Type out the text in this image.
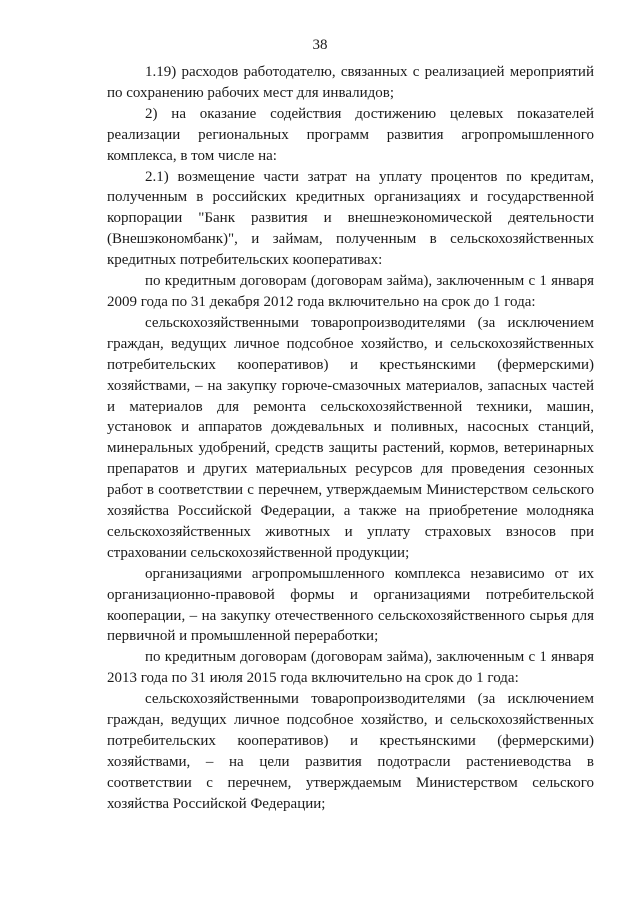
38

1.19) расходов работодателю, связанных с реализацией мероприятий по сохранению рабочих мест для инвалидов;

2) на оказание содействия достижению целевых показателей реализации региональных программ развития агропромышленного комплекса, в том числе на:

2.1) возмещение части затрат на уплату процентов по кредитам, полученным в российских кредитных организациях и государственной корпорации "Банк развития и внешнеэкономической деятельности (Внешэкономбанк)", и займам, полученным в сельскохозяйственных кредитных потребительских кооперативах:

по кредитным договорам (договорам займа), заключенным с 1 января 2009 года по 31 декабря 2012 года включительно на срок до 1 года:

сельскохозяйственными товаропроизводителями (за исключением граждан, ведущих личное подсобное хозяйство, и сельскохозяйственных потребительских кооперативов) и крестьянскими (фермерскими) хозяйствами, – на закупку горюче-смазочных материалов, запасных частей и материалов для ремонта сельскохозяйственной техники, машин, установок и аппаратов дождевальных и поливных, насосных станций, минеральных удобрений, средств защиты растений, кормов, ветеринарных препаратов и других материальных ресурсов для проведения сезонных работ в соответствии с перечнем, утверждаемым Министерством сельского хозяйства Российской Федерации, а также на приобретение молодняка сельскохозяйственных животных и уплату страховых взносов при страховании сельскохозяйственной продукции;

организациями агропромышленного комплекса независимо от их организационно-правовой формы и организациями потребительской кооперации, – на закупку отечественного сельскохозяйственного сырья для первичной и промышленной переработки;

по кредитным договорам (договорам займа), заключенным с 1 января 2013 года по 31 июля 2015 года включительно на срок до 1 года:

сельскохозяйственными товаропроизводителями (за исключением граждан, ведущих личное подсобное хозяйство, и сельскохозяйственных потребительских кооперативов) и крестьянскими (фермерскими) хозяйствами, – на цели развития подотрасли растениеводства в соответствии с перечнем, утверждаемым Министерством сельского хозяйства Российской Федерации;
